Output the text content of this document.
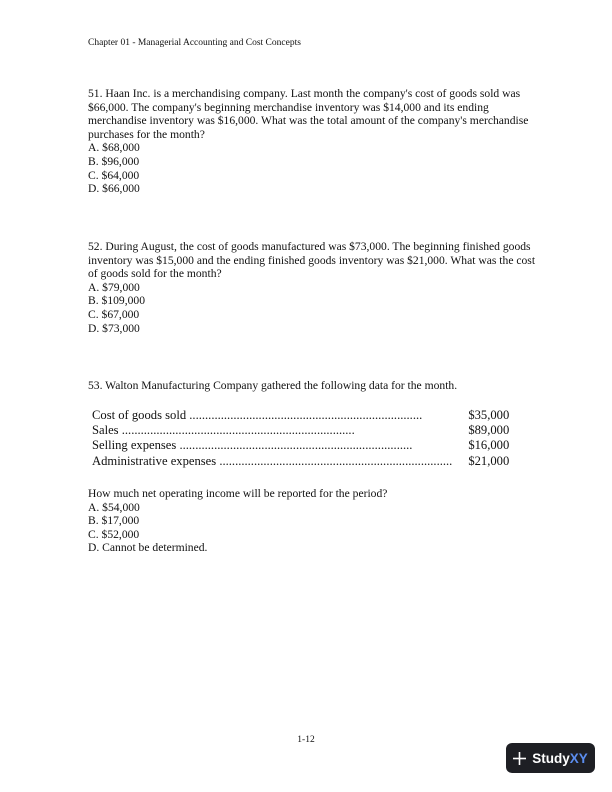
Chapter 01 - Managerial Accounting and Cost Concepts

51. Haan Inc. is a merchandising company. Last month the company's cost of goods sold was $66,000. The company's beginning merchandise inventory was $14,000 and its ending merchandise inventory was $16,000. What was the total amount of the company's merchandise purchases for the month?

A. $68,000
B. $96,000
C. $64,000
D. $66,000

52. During August, the cost of goods manufactured was $73,000. The beginning finished goods inventory was $15,000 and the ending finished goods inventory was $21,000. What was the cost of goods sold for the month?

A. $79,000
B. $109,000
C. $67,000
D. $73,000

53. Walton Manufacturing Company gathered the following data for the month.

Cost of goods sold .....	$35,000
Sales .....	$89,000
Selling expenses .....	$16,000
Administrative expenses .....	$21,000

How much net operating income will be reported for the period?

A. $54,000
B. $17,000
C. $52,000
D. Cannot be determined.
1-12
Study XY
